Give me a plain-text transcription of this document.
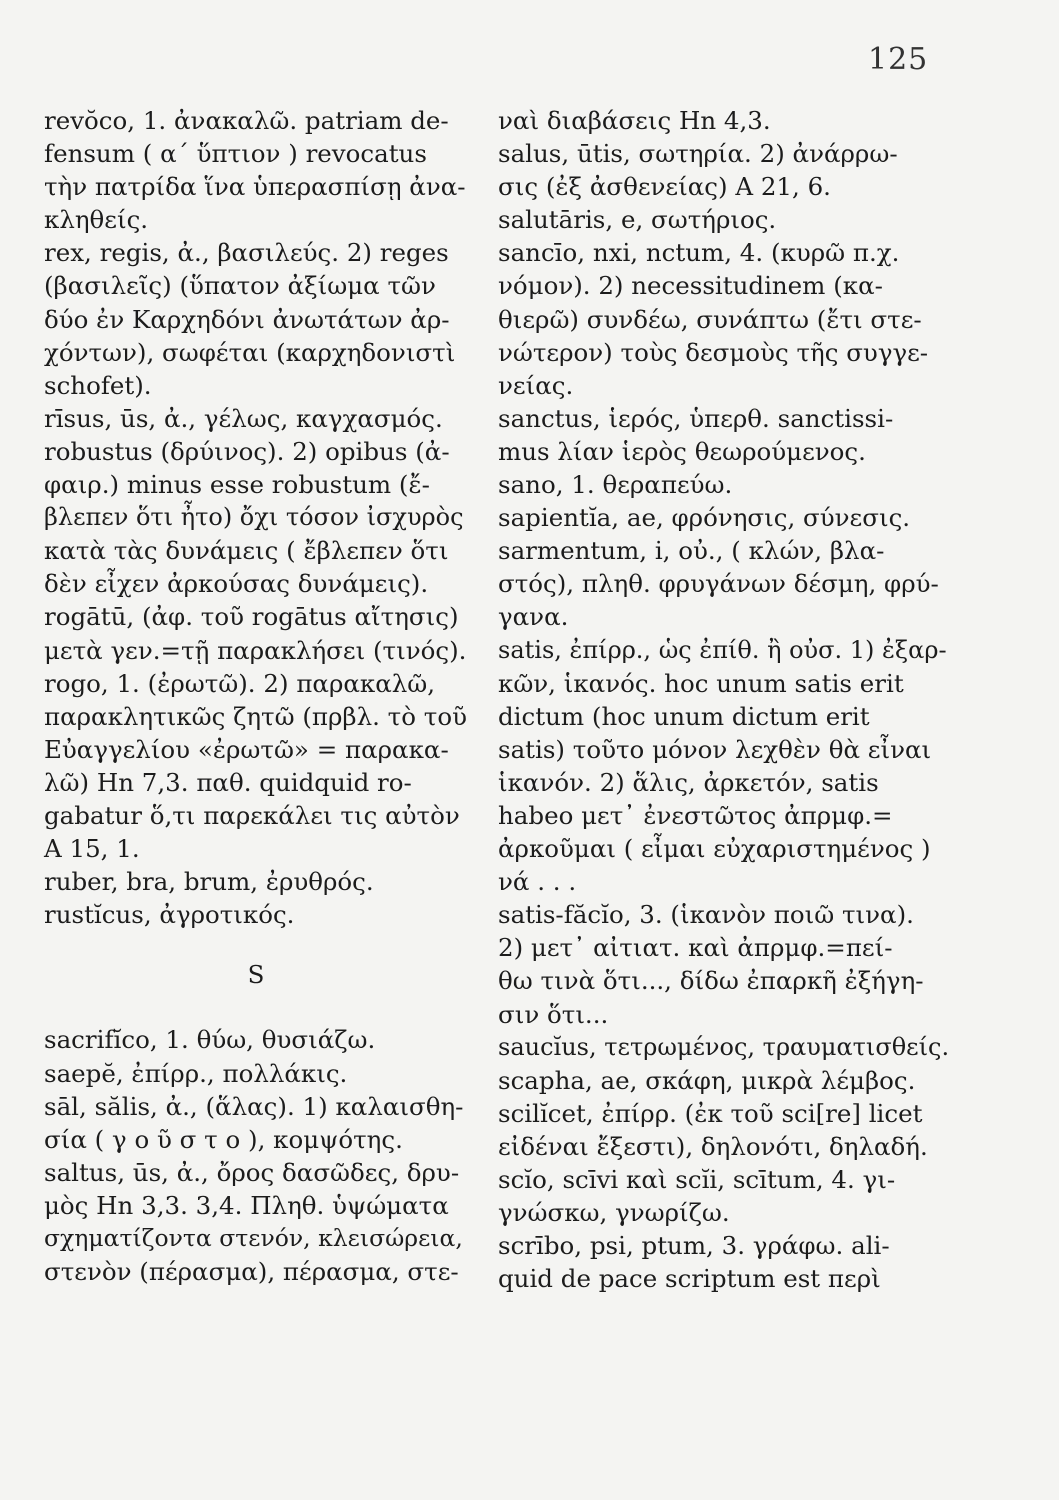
125
revŏco, 1. ἀνακαλῶ. patriam de-
fensum ( α΄ ὕπτιον ) revocatus
τὴν πατρίδα ἵνα ὑπερασπίσῃ ἀνα-
κληθείς.
rex, regis, ἀ., βασιλεύς. 2) reges
(βασιλεῖς) (ὕπατον ἀξίωμα τῶν
δύο ἐν Καρχηδόνι ἀνωτάτων ἀρ-
χόντων), σωφέται (καρχηδονιστὶ
schofet).
rīsus, ūs, ἀ., γέλως, καγχασμός.
robustus (δρύινος). 2) opibus (ἀ-
φαιρ.) minus esse robustum (ἔ-
βλεπεν ὅτι ἦτο) ὄχι τόσον ἰσχυρὸς
κατὰ τὰς δυνάμεις ( ἔβλεπεν ὅτι
δὲν εἶχεν ἀρκούσας δυνάμεις).
rogātū, (ἀφ. τοῦ rogātus αἴτησις)
μετὰ γεν.=τῇ παρακλήσει (τινός).
rogo, 1. (ἐρωτῶ). 2) παρακαλῶ,
παρακλητικῶς ζητῶ (πρβλ. τὸ τοῦ
Εὐαγγελίου «ἐρωτῶ» = παρακα-
λῶ) Hn 7,3. παθ. quidquid ro-
gabatur ὅ,τι παρεκάλει τις αὐτὸν
A 15, 1.
ruber, bra, brum, ἐρυθρός.
rustĭcus, ἀγροτικός.
S
sacrifĭco, 1. θύω, θυσιάζω.
saepĕ, ἐπίρρ., πολλάκις.
sāl, sălis, ἀ., (ἅλας). 1) καλαισθη-
σία ( γ ο ῦ σ τ ο ), κομψότης.
saltus, ūs, ἀ., ὄρος δασῶδες, δρυ-
μὸς Hn 3,3. 3,4. Πληθ. ὑψώματα
σχηματίζοντα στενόν, κλεισώρεια,
στενὸν (πέρασμα), πέρασμα, στε-
ναὶ διαβάσεις Hn 4,3.
salus, ūtis, σωτηρία. 2) ἀνάρρω-
σις (ἐξ ἀσθενείας) A 21, 6.
salutāris, e, σωτήριος.
sancīo, nxi, nctum, 4. (κυρῶ π.χ.
νόμον). 2) necessitudinem (κα-
θιερῶ) συνδέω, συνάπτω (ἔτι στε-
νώτερον) τοὺς δεσμοὺς τῆς συγγε-
νείας.
sanctus, ἱερός, ὑπερθ. sanctissi-
mus λίαν ἱερὸς θεωρούμενος.
sano, 1. θεραπεύω.
sapientĭa, ae, φρόνησις, σύνεσις.
sarmentum, i, οὐ., ( κλών, βλα-
στός), πληθ. φρυγάνων δέσμη, φρύ-
γανα.
satis, ἐπίρρ., ὡς ἐπίθ. ἢ οὐσ. 1) ἐξαρ-
κῶν, ἱκανός. hoc unum satis erit
dictum (hoc unum dictum erit
satis) τοῦτο μόνον λεχθὲν θὰ εἶναι
ἱκανόν. 2) ἅλις, ἀρκετόν, satis
habeo μετ᾽ ἐνεστῶτος ἀπρμφ.=
ἀρκοῦμαι ( εἶμαι εὐχαριστημένος )
νά . . .
satis-făcĭo, 3. (ἱκανὸν ποιῶ τινα).
2) μετ᾽ αἰτιατ. καὶ ἀπρμφ.=πεί-
θω τινὰ ὅτι..., δίδω ἐπαρκῆ ἐξήγη-
σιν ὅτι...
saucĭus, τετρωμένος, τραυματισθείς.
scapha, ae, σκάφη, μικρὰ λέμβος.
scilĭcet, ἐπίρρ. (ἐκ τοῦ sci[re] licet
εἰδέναι ἔξεστι), δηλονότι, δηλαδή.
scĭo, scīvi καὶ scĭi, scītum, 4. γι-
γνώσκω, γνωρίζω.
scrībo, psi, ptum, 3. γράφω. ali-
quid de pace scriptum est περὶ
